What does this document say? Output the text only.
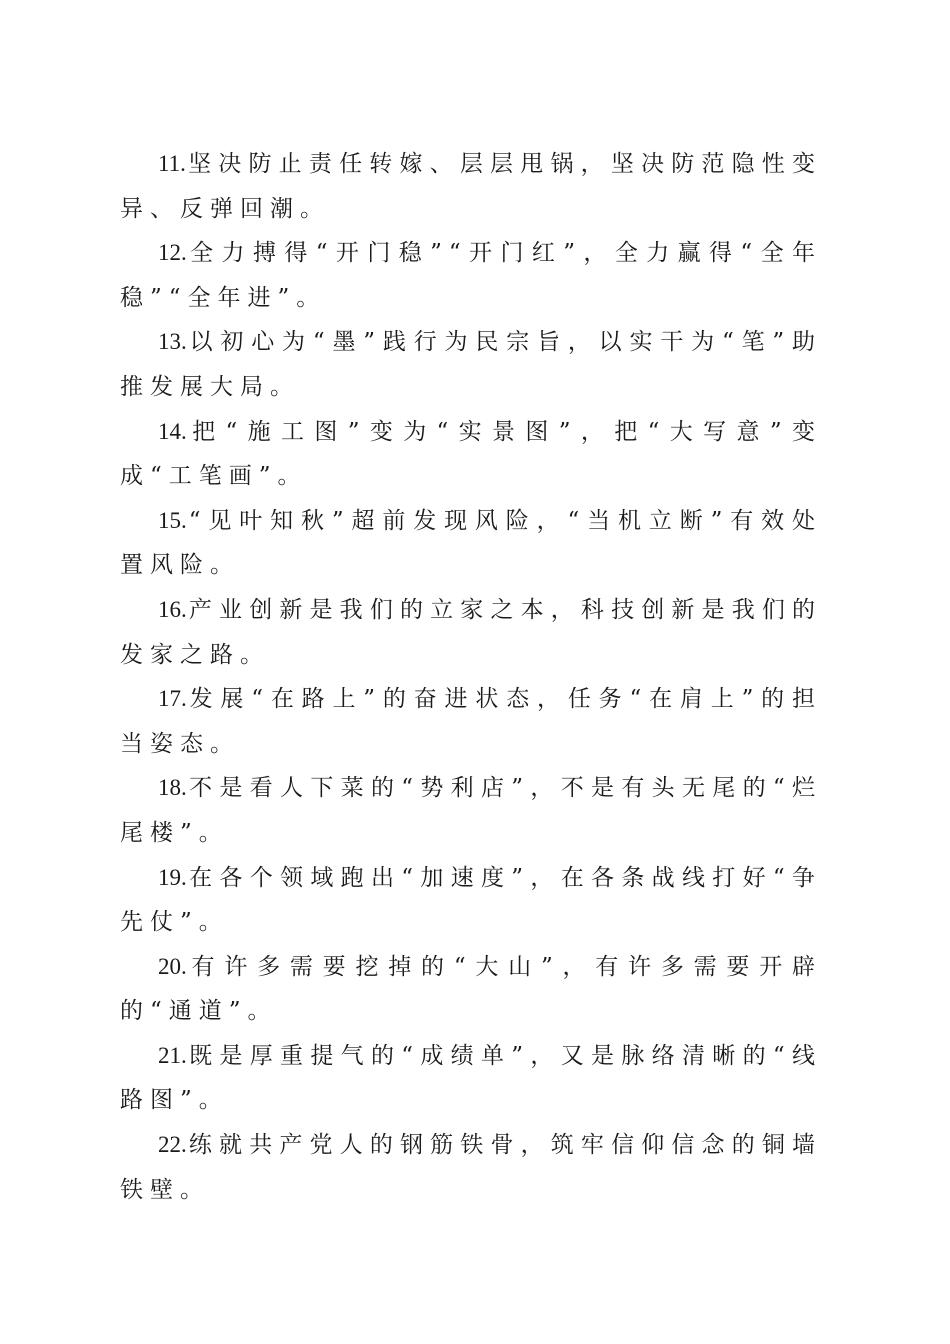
11.坚决防止责任转嫁、层层甩锅，坚决防范隐性变异、反弹回潮。

12.全力搏得“开门稳”“开门红”，全力赢得“全年稳”“全年进”。

13.以初心为“墨”践行为民宗旨，以实干为“笔”助推发展大局。

14.把“施工图”变为“实景图”，把“大写意”变成“工笔画”。

15.“见叶知秋”超前发现风险，“当机立断”有效处置风险。

16.产业创新是我们的立家之本，科技创新是我们的发家之路。

17.发展“在路上”的奋进状态，任务“在肩上”的担当姿态。

18.不是看人下菜的“势利店”，不是有头无尾的“烂尾楼”。

19.在各个领域跑出“加速度”，在各条战线打好“争先仗”。

20.有许多需要挖掉的“大山”，有许多需要开辟的“通道”。

21.既是厚重提气的“成绩单”，又是脉络清晰的“线路图”。

22.练就共产党人的钢筋铁骨，筑牢信仰信念的铜墙铁壁。
